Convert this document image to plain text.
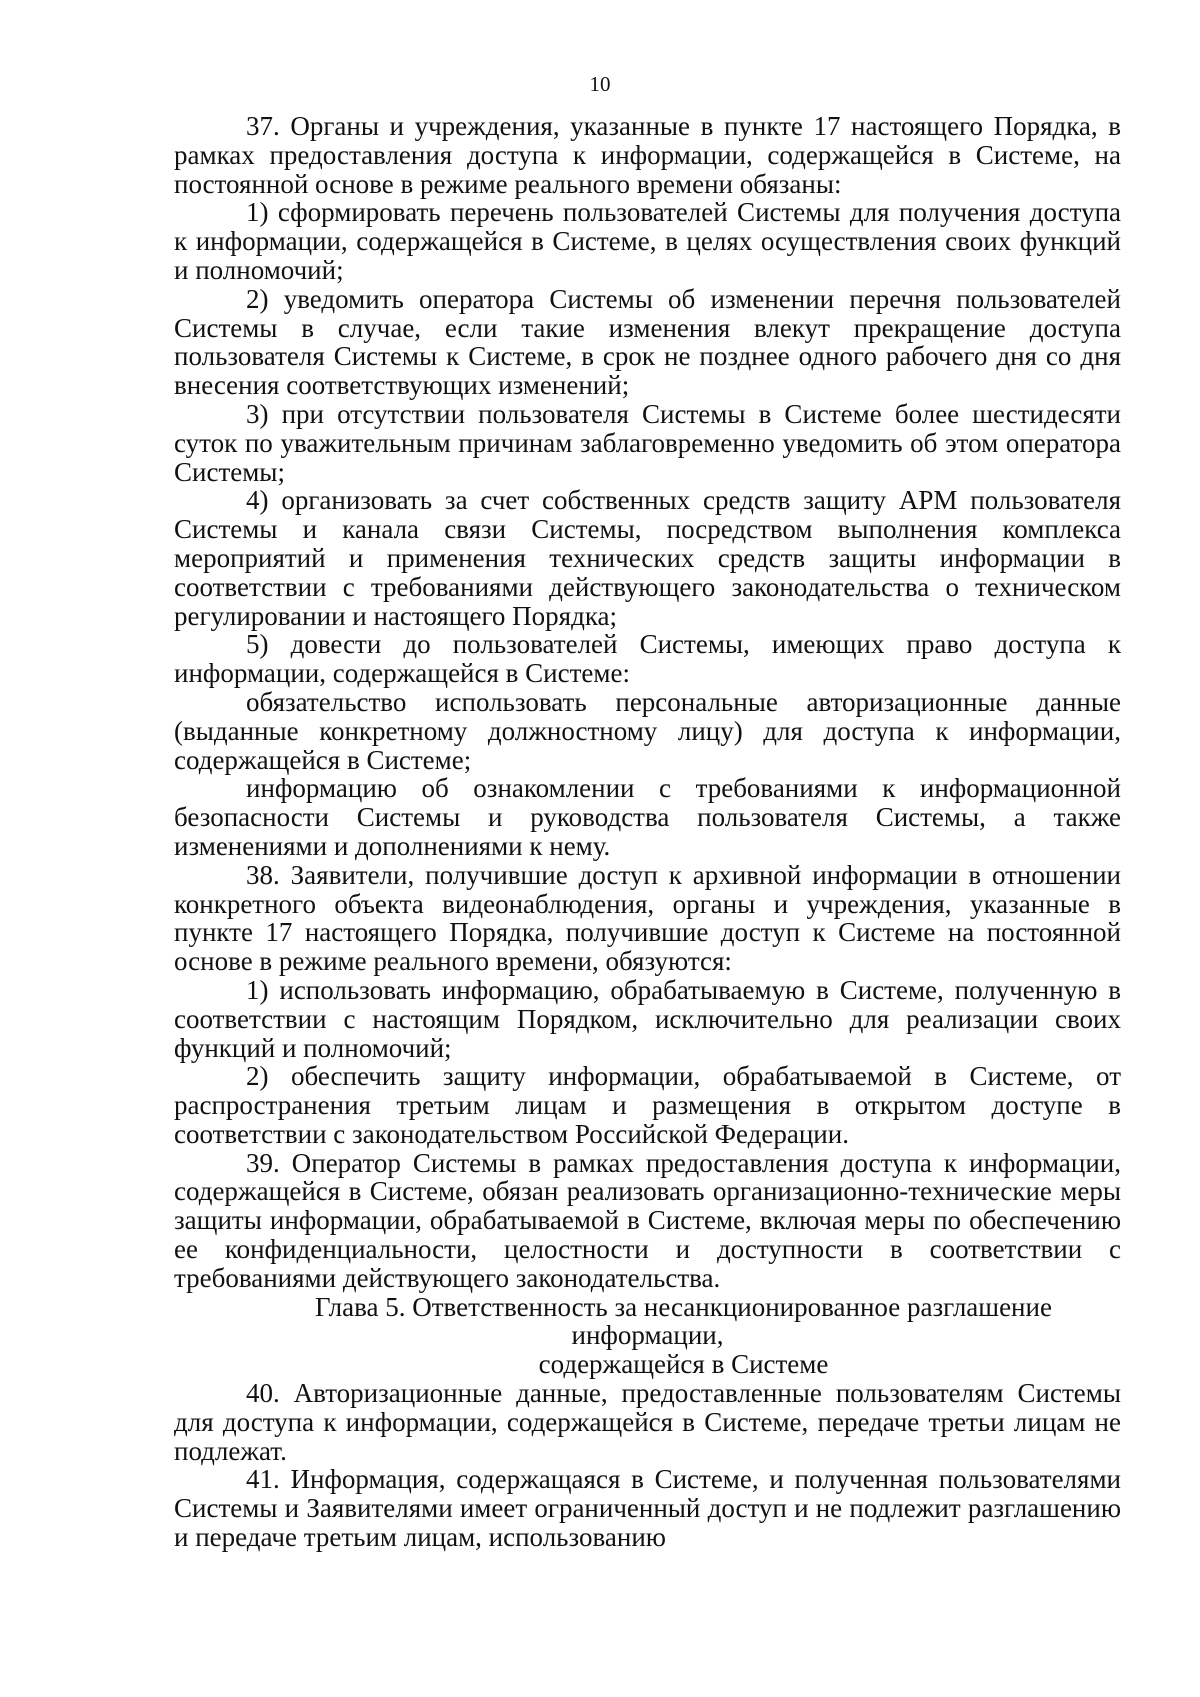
10

37. Органы и учреждения, указанные в пункте 17 настоящего Порядка, в рамках предоставления доступа к информации, содержащейся в Системе, на постоянной основе в режиме реального времени обязаны:

1) сформировать перечень пользователей Системы для получения доступа к информации, содержащейся в Системе, в целях осуществления своих функций и полномочий;

2) уведомить оператора Системы об изменении перечня пользователей Системы в случае, если такие изменения влекут прекращение доступа пользователя Системы к Системе, в срок не позднее одного рабочего дня со дня внесения соответствующих изменений;

3) при отсутствии пользователя Системы в Системе более шестидесяти суток по уважительным причинам заблаговременно уведомить об этом оператора Системы;

4) организовать за счет собственных средств защиту АРМ пользователя Системы и канала связи Системы, посредством выполнения комплекса мероприятий и применения технических средств защиты информации в соответствии с требованиями действующего законодательства о техническом регулировании и настоящего Порядка;

5) довести до пользователей Системы, имеющих право доступа к информации, содержащейся в Системе:

обязательство использовать персональные авторизационные данные (выданные конкретному должностному лицу) для доступа к информации, содержащейся в Системе;

информацию об ознакомлении с требованиями к информационной безопасности Системы и руководства пользователя Системы, а также изменениями и дополнениями к нему.

38. Заявители, получившие доступ к архивной информации в отношении конкретного объекта видеонаблюдения, органы и учреждения, указанные в пункте 17 настоящего Порядка, получившие доступ к Системе на постоянной основе в режиме реального времени, обязуются:

1) использовать информацию, обрабатываемую в Системе, полученную в соответствии с настоящим Порядком, исключительно для реализации своих функций и полномочий;

2) обеспечить защиту информации, обрабатываемой в Системе, от распространения третьим лицам и размещения в открытом доступе в соответствии с законодательством Российской Федерации.

39. Оператор Системы в рамках предоставления доступа к информации, содержащейся в Системе, обязан реализовать организационно-технические меры защиты информации, обрабатываемой в Системе, включая меры по обеспечению ее конфиденциальности, целостности и доступности в соответствии с требованиями действующего законодательства.

Глава 5. Ответственность за несанкционированное разглашение информации,
содержащейся в Системе

40. Авторизационные данные, предоставленные пользователям Системы для доступа к информации, содержащейся в Системе, передаче третьи лицам не подлежат.

41. Информация, содержащаяся в Системе, и полученная пользователями Системы и Заявителями имеет ограниченный доступ и не подлежит разглашению и передаче третьим лицам, использованию
